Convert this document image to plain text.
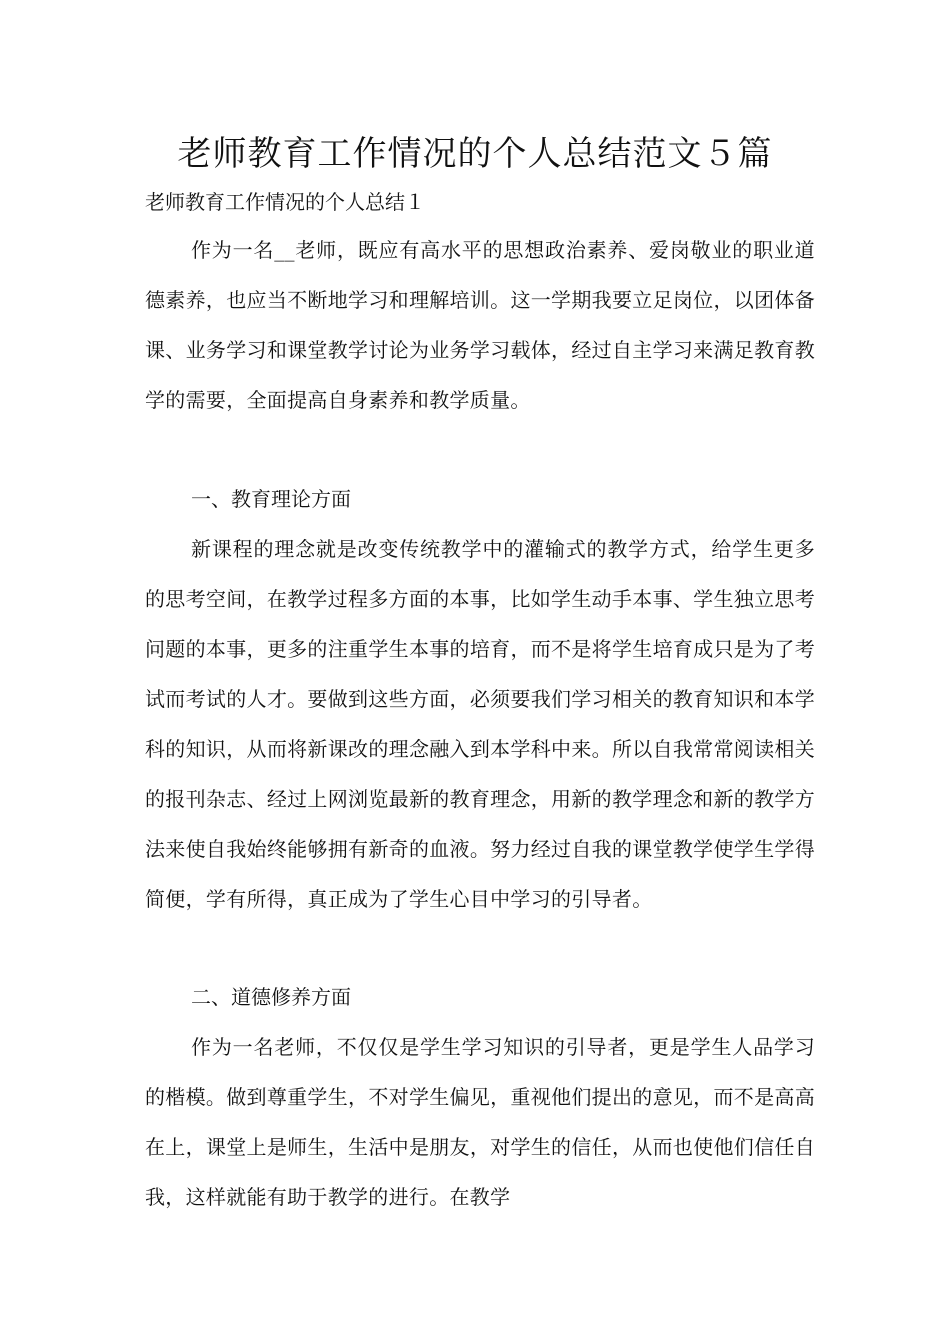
老师教育工作情况的个人总结范文５篇

老师教育工作情况的个人总结１

作为一名__老师，既应有高水平的思想政治素养、爱岗敬业的职业道德素养，也应当不断地学习和理解培训。这一学期我要立足岗位，以团体备课、业务学习和课堂教学讨论为业务学习载体，经过自主学习来满足教育教学的需要，全面提高自身素养和教学质量。

一、教育理论方面

新课程的理念就是改变传统教学中的灌输式的教学方式，给学生更多的思考空间，在教学过程多方面的本事，比如学生动手本事、学生独立思考问题的本事，更多的注重学生本事的培育，而不是将学生培育成只是为了考试而考试的人才。要做到这些方面，必须要我们学习相关的教育知识和本学科的知识，从而将新课改的理念融入到本学科中来。所以自我常常阅读相关的报刊杂志、经过上网浏览最新的教育理念，用新的教学理念和新的教学方法来使自我始终能够拥有新奇的血液。努力经过自我的课堂教学使学生学得简便，学有所得，真正成为了学生心目中学习的引导者。

二、道德修养方面

作为一名老师，不仅仅是学生学习知识的引导者，更是学生人品学习的楷模。做到尊重学生，不对学生偏见，重视他们提出的意见，而不是高高在上，课堂上是师生，生活中是朋友，对学生的信任，从而也使他们信任自我，这样就能有助于教学的进行。在教学
